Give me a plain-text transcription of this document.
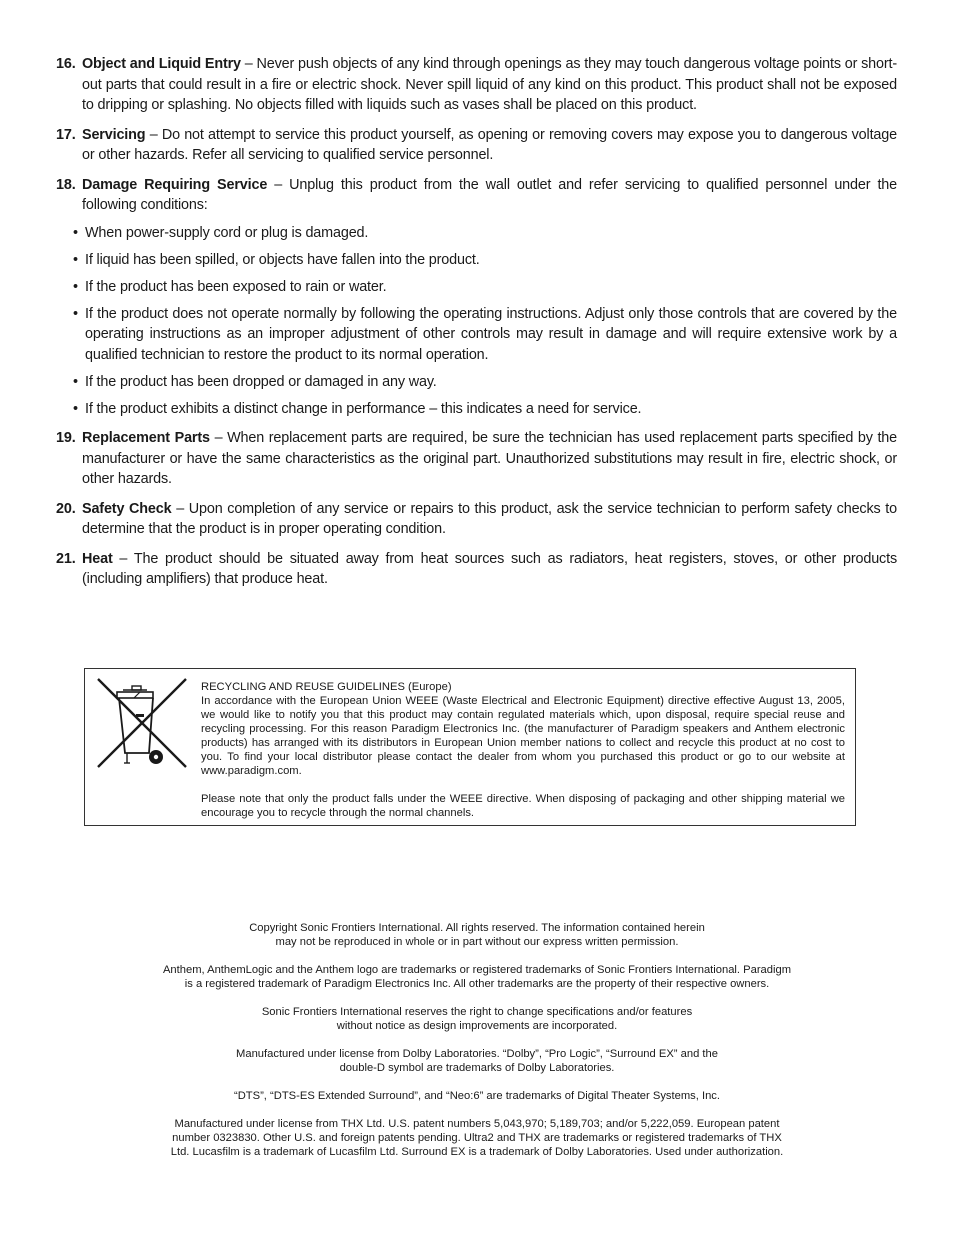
16. Object and Liquid Entry – Never push objects of any kind through openings as they may touch dangerous voltage points or short-out parts that could result in a fire or electric shock. Never spill liquid of any kind on this product. This product shall not be exposed to dripping or splashing. No objects filled with liquids such as vases shall be placed on this product.

17. Servicing – Do not attempt to service this product yourself, as opening or removing covers may expose you to dangerous voltage or other hazards. Refer all servicing to qualified service personnel.

18. Damage Requiring Service – Unplug this product from the wall outlet and refer servicing to qualified personnel under the following conditions:

• When power-supply cord or plug is damaged.
• If liquid has been spilled, or objects have fallen into the product.
• If the product has been exposed to rain or water.
• If the product does not operate normally by following the operating instructions. Adjust only those controls that are covered by the operating instructions as an improper adjustment of other controls may result in damage and will require extensive work by a qualified technician to restore the product to its normal operation.
• If the product has been dropped or damaged in any way.
• If the product exhibits a distinct change in performance – this indicates a need for service.

19. Replacement Parts – When replacement parts are required, be sure the technician has used replacement parts specified by the manufacturer or have the same characteristics as the original part. Unauthorized substitutions may result in fire, electric shock, or other hazards.

20. Safety Check – Upon completion of any service or repairs to this product, ask the service technician to perform safety checks to determine that the product is in proper operating condition.

21. Heat – The product should be situated away from heat sources such as radiators, heat registers, stoves, or other products (including amplifiers) that produce heat.

RECYCLING AND REUSE GUIDELINES (Europe)

In accordance with the European Union WEEE (Waste Electrical and Electronic Equipment) directive effective August 13, 2005, we would like to notify you that this product may contain regulated materials which, upon disposal, require special reuse and recycling processing. For this reason Paradigm Electronics Inc. (the manufacturer of Paradigm speakers and Anthem electronic products) has arranged with its distributors in European Union member nations to collect and recycle this product at no cost to you. To find your local distributor please contact the dealer from whom you purchased this product or go to our website at www.paradigm.com.

Please note that only the product falls under the WEEE directive. When disposing of packaging and other shipping material we encourage you to recycle through the normal channels.

Copyright Sonic Frontiers International. All rights reserved. The information contained herein
may not be reproduced in whole or in part without our express written permission.

Anthem, AnthemLogic and the Anthem logo are trademarks or registered trademarks of Sonic Frontiers International. Paradigm
is a registered trademark of Paradigm Electronics Inc. All other trademarks are the property of their respective owners.

Sonic Frontiers International reserves the right to change specifications and/or features
without notice as design improvements are incorporated.

Manufactured under license from Dolby Laboratories. “Dolby”, “Pro Logic”, “Surround EX” and the
double-D symbol are trademarks of Dolby Laboratories.

“DTS”, “DTS-ES Extended Surround”, and “Neo:6” are trademarks of Digital Theater Systems, Inc.

Manufactured under license from THX Ltd. U.S. patent numbers 5,043,970; 5,189,703; and/or 5,222,059. European patent
number 0323830. Other U.S. and foreign patents pending. Ultra2 and THX are trademarks or registered trademarks of THX
Ltd. Lucasfilm is a trademark of Lucasfilm Ltd. Surround EX is a trademark of Dolby Laboratories. Used under authorization.
